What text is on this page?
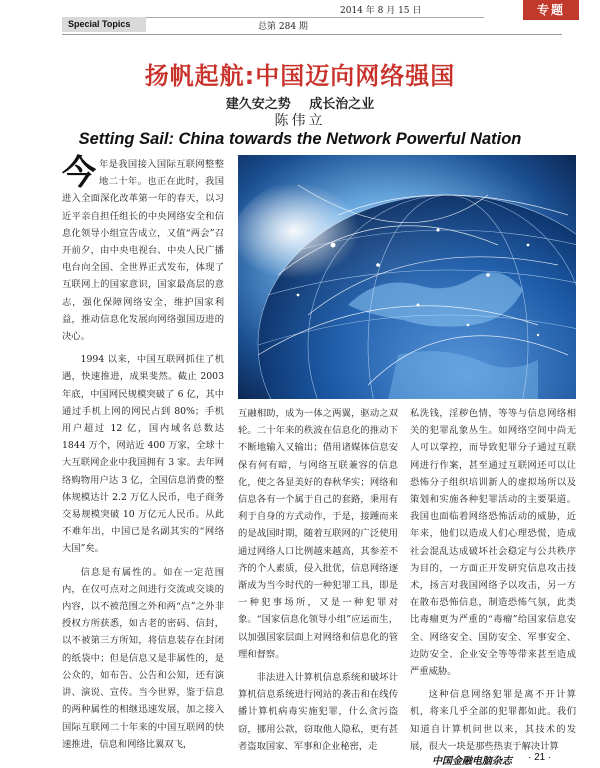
Special Topics	总第 284 期
2014 年 8 月 15 日	专题
扬帆起航:中国迈向网络强国
建久安之势 成长治之业
陈伟立
Setting Sail: China towards the Network Powerful Nation

今年是我国接入国际互联网整整地二十年。也正在此时，我国进入全面深化改革第一年的春天，以习近平亲自担任组长的中央网络安全和信息化领导小组宣告成立，又值“两会”召开前夕，由中央电视台、中央人民广播电台向全国、全世界正式发布，体现了互联网上的国家意识，国家最高层的意志，强化保障网络安全，维护国家利益，推动信息化发展向网络强国迈进的决心。

1994 以来，中国互联网抓住了机遇，快速推进，成果斐然。截止 2003 年底，中国网民规模突破了 6 亿，其中通过手机上网的网民占到 80%；手机用户超过 12 亿，国内域名总数达 1844 万个，网站近 400 万家，全球十大互联网企业中我国拥有 3 家。去年网络购物用户达 3 亿，全国信息消费的整体规模达计 2.2 万亿人民币，电子商务交易规模突破 10 万亿元人民币。从此不难年出，中国已是名副其实的“网络大国”矣。

信息是有属性的。如在一定范围内，在仅可点对之间进行交流或交谈的内容，以不被范围之外和两“点”之外非授权方所获悉，如古老的密码、信封，以不被第三方所知，将信息装存在封闭的纸袋中；但是信息又是非属性的，是公众的，如布告、公告和公知，还有演讲、演说、宣传。当今世界，鉴于信息的两种属性的相继迅速发展，加之接入国际互联网二十年来的中国互联网的快速推进，信息和网络比翼双飞，

互融相助，成为一体之两翼，驱动之双轮。二十年来的秩波在信息化的推动下不断地输入又输出；借用诸媒体信息安保有何有暗，与网络互联兼容的信息化，使之各显美好的春秋华实；网络和信息各有一个属于自己的套路，秉用有利于自身的方式动作，于是，接踵而来的是战国时期，随着互联网的广泛使用通过网络人口比例越来越高，其参差不齐的个人素质，侵入批优，信息网络逐渐成为当今时代的一种犯罪工具，即是一种犯事场所，又是一种犯罪对象。“国家信息化领导小组”应运而生，以加强国家层面上对网络和信息化的管理和督察。

非法进入计算机信息系统和破坏计算机信息系统进行网站的袭击和在线传播计算机病毒实施犯罪，什么贪污盗窃，挪用公款，窃取他人隐私，更有甚者盗取国家、军事和企业秘密，走

私洗钱，淫秽色情，等等与信息网络相关的犯罪乱象丛生。如网络空间中尚无人可以掌控，而导致犯罪分子通过互联网进行作案，甚至通过互联网还可以让恐怖分子组织培训新人的虚拟场所以及策划和实施各种犯罪活动的主要渠道。我国也面临着网络恐怖活动的威胁，近年来，他们以造成人们心理恐慌，造成社会混乱达成破坏社会稳定与公共秩序为目的，一方面正开发研究信息攻击技术，扬言对我国网络予以攻击，另一方在散布恐怖信息，制造恐怖气氛，此类比毒瘤更为严重的“毒瘤”给国家信息安全、网络安全、国防安全、军事安全、边防安全、企业安全等等带来甚至造成严重威胁。

这种信息网络犯罪是离不开计算机，将来几乎全部的犯罪都如此。我们知道自计算机问世以来，其技术的发展，很大一块是那些热衷于解决计算

中国金融电脑杂志 · 21 ·
